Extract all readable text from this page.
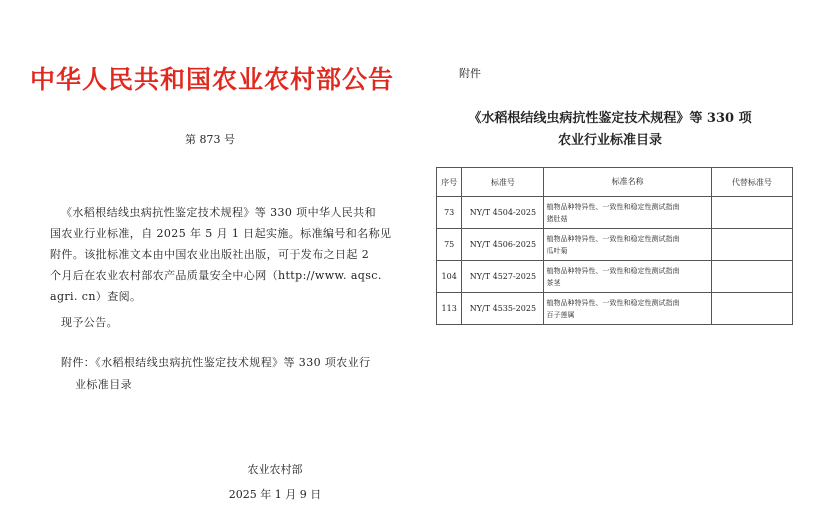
中华人民共和国农业农村部公告
第 873 号
《水稻根结线虫病抗性鉴定技术规程》等 330 项中华人民共和
国农业行业标准，自 2025 年 5 月 1 日起实施。标准编号和名称见
附件。该批标准文本由中国农业出版社出版，可于发布之日起 2
个月后在农业农村部农产品质量安全中心网（http://www. aqsc.
agri. cn）查阅。
现予公告。
附件：《水稻根结线虫病抗性鉴定技术规程》等 330 项农业行
业标准目录
农业农村部
2025 年 1 月 9 日
附件
《水稻根结线虫病抗性鉴定技术规程》等 330 项
农业行业标准目录
序号	标准号	标准名称	代替标准号
73	NY/T 4504-2025	植物品种特异性、一致性和稳定性测试指南
猪肚菇	

75	NY/T 4506-2025	植物品种特异性、一致性和稳定性测试指南
瓜叶菊	

104	NY/T 4527-2025	植物品种特异性、一致性和稳定性测试指南
茶茎	

113	NY/T 4535-2025	植物品种特异性、一致性和稳定性测试指南
百子莲属	
